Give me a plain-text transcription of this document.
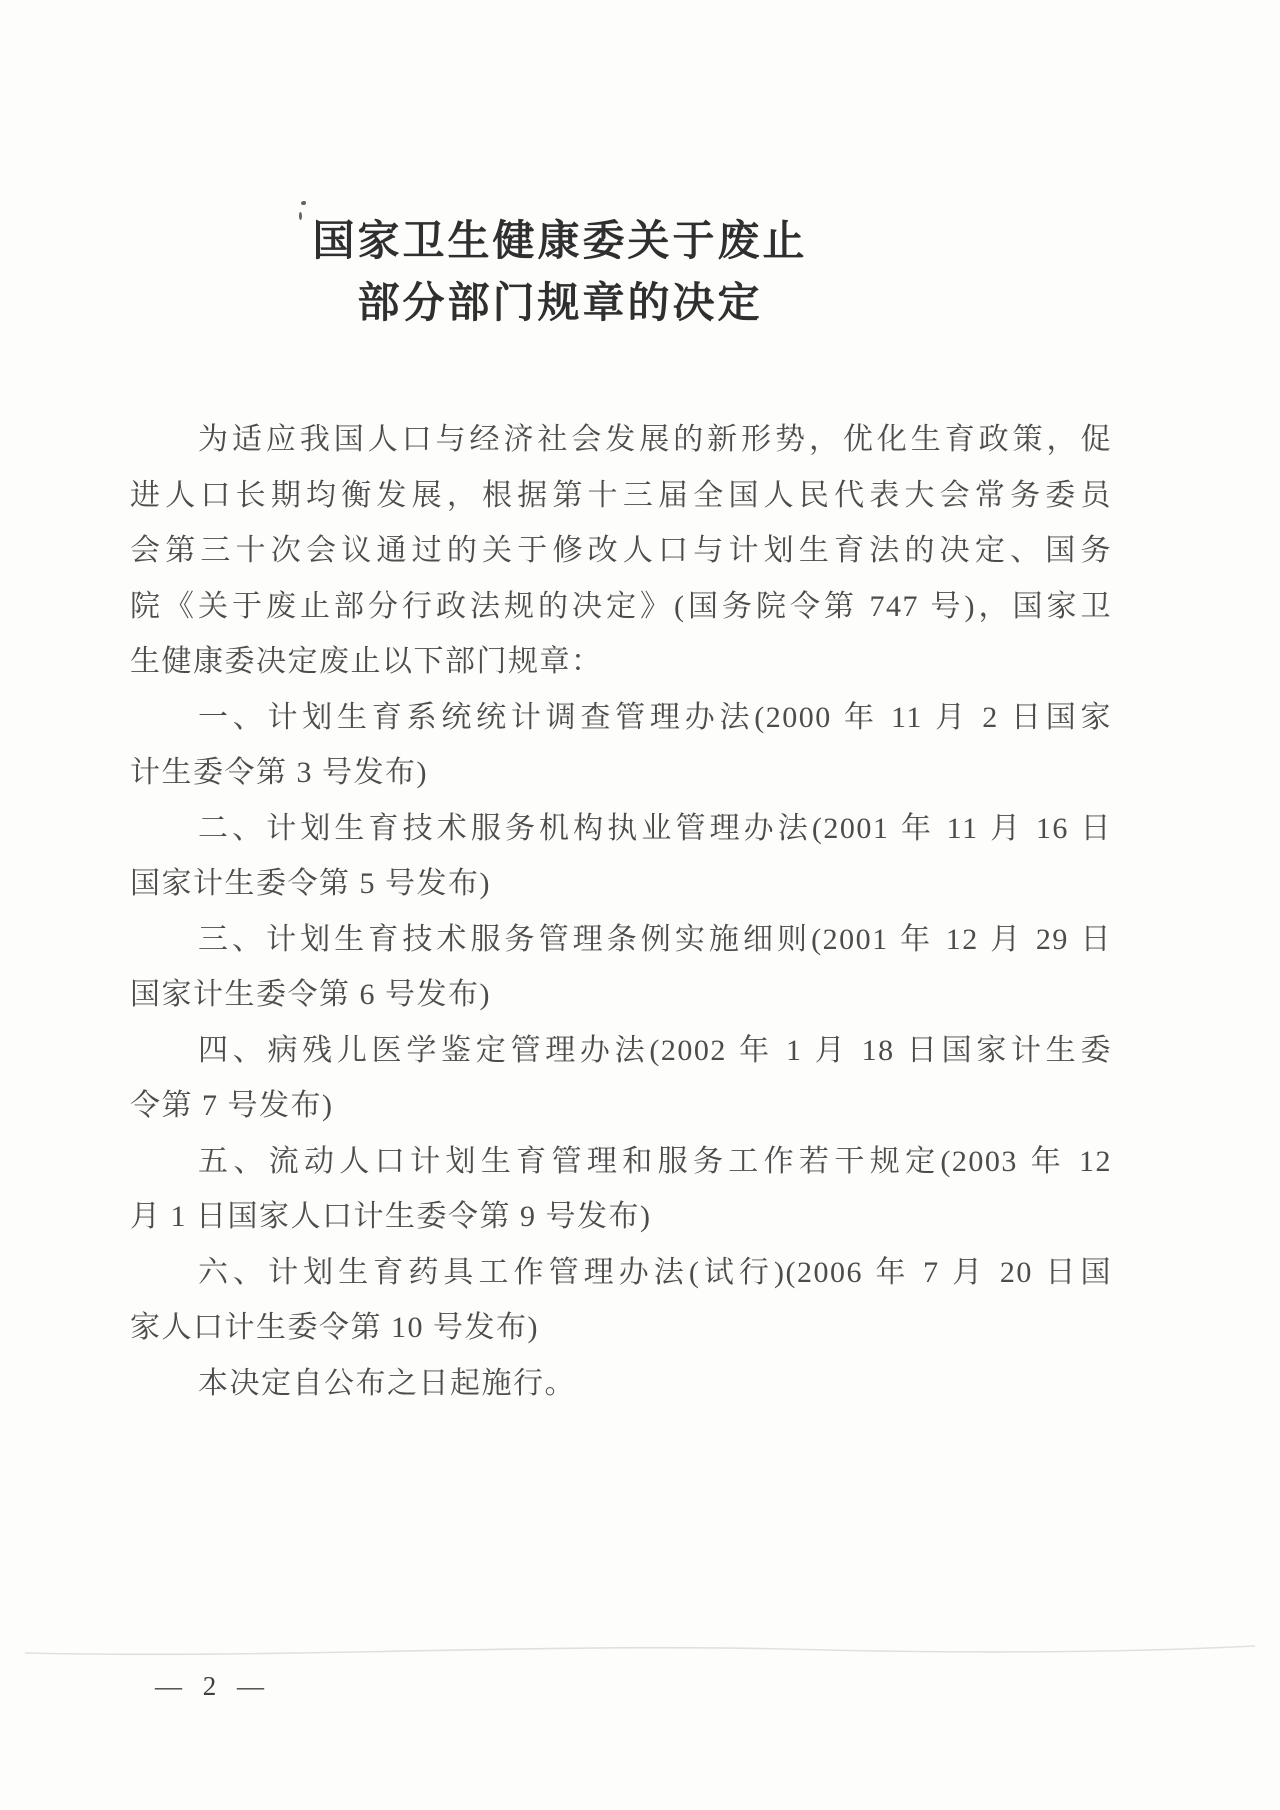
国家卫生健康委关于废止
部分部门规章的决定
为适应我国人口与经济社会发展的新形势，优化生育政策，促
进人口长期均衡发展，根据第十三届全国人民代表大会常务委员
会第三十次会议通过的关于修改人口与计划生育法的决定、国务
院《关于废止部分行政法规的决定》(国务院令第 747 号)，国家卫
生健康委决定废止以下部门规章：
一、计划生育系统统计调查管理办法(2000 年 11 月 2 日国家
计生委令第 3 号发布)
二、计划生育技术服务机构执业管理办法(2001 年 11 月 16 日
国家计生委令第 5 号发布)
三、计划生育技术服务管理条例实施细则(2001 年 12 月 29 日
国家计生委令第 6 号发布)
四、病残儿医学鉴定管理办法(2002 年 1 月 18 日国家计生委
令第 7 号发布)
五、流动人口计划生育管理和服务工作若干规定(2003 年 12
月 1 日国家人口计生委令第 9 号发布)
六、计划生育药具工作管理办法(试行)(2006 年 7 月 20 日国
家人口计生委令第 10 号发布)
本决定自公布之日起施行。
— 2 —
